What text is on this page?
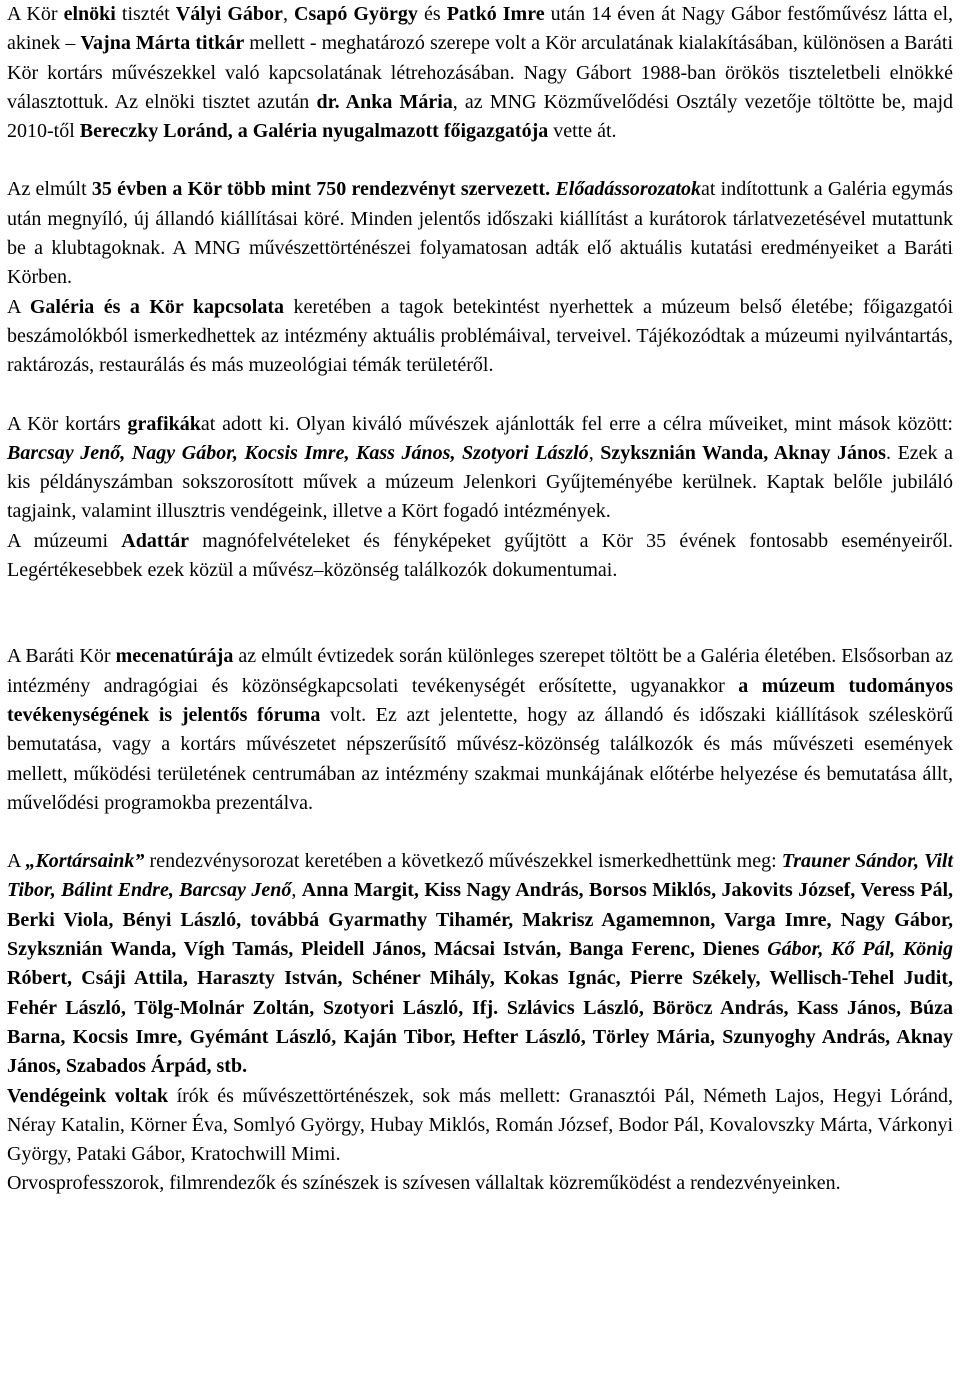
A Kör elnöki tisztét Vályi Gábor, Csapó György és Patkó Imre után 14 éven át Nagy Gábor festőművész látta el, akinek – Vajna Márta titkár mellett - meghatározó szerepe volt a Kör arculatának kialakításában, különösen a Baráti Kör kortárs művészekkel való kapcsolatának létrehozásában. Nagy Gábort 1988-ban örökös tiszteletbeli elnökké választottuk. Az elnöki tisztet azután dr. Anka Mária, az MNG Közművelődési Osztály vezetője töltötte be, majd 2010-től Bereczky Loránd, a Galéria nyugalmazott főigazgatója vette át.

Az elmúlt 35 évben a Kör több mint 750 rendezvényt szervezett. Előadássorozatokat indítottunk a Galéria egymás után megnyíló, új állandó kiállításai köré. Minden jelentős időszaki kiállítást a kurátorok tárlatvezetésével mutattunk be a klubtagoknak. A MNG művészettörténészei folyamatosan adták elő aktuális kutatási eredményeiket a Baráti Körben.

A Galéria és a Kör kapcsolata keretében a tagok betekintést nyerhettek a múzeum belső életébe; főigazgatói beszámolókból ismerkedhettek az intézmény aktuális problémáival, terveivel. Tájékozódtak a múzeumi nyilvántartás, raktározás, restaurálás és más muzeológiai témák területéről.

A Kör kortárs grafikákat adott ki. Olyan kiváló művészek ajánlották fel erre a célra műveiket, mint mások között: Barcsay Jenő, Nagy Gábor, Kocsis Imre, Kass János, Szotyori László, Szyksznián Wanda, Aknay János. Ezek a kis példányszámban sokszorosított művek a múzeum Jelenkori Gyűjteményébe kerülnek. Kaptak belőle jubiláló tagjaink, valamint illusztris vendégeink, illetve a Kört fogadó intézmények.

A múzeumi Adattár magnófelvételeket és fényképeket gyűjtött a Kör 35 évének fontosabb eseményeiről. Legértékesebbek ezek közül a művész–közönség találkozók dokumentumai.

A Baráti Kör mecenatúrája az elmúlt évtizedek során különleges szerepet töltött be a Galéria életében. Elsősorban az intézmény andragógiai és közönségkapcsolati tevékenységét erősítette, ugyanakkor a múzeum tudományos tevékenységének is jelentős fóruma volt. Ez azt jelentette, hogy az állandó és időszaki kiállítások széleskörű bemutatása, vagy a kortárs művészetet népszerűsítő művész-közönség találkozók és más művészeti események mellett, működési területének centrumában az intézmény szakmai munkájának előtérbe helyezése és bemutatása állt, művelődési programokba prezentálva.

A „Kortársaink” rendezvénysorozat keretében a következő művészekkel ismerkedhettünk meg: Trauner Sándor, Vilt Tibor, Bálint Endre, Barcsay Jenő, Anna Margit, Kiss Nagy András, Borsos Miklós, Jakovits József, Veress Pál, Berki Viola, Bényi László, továbbá Gyarmathy Tihamér, Makrisz Agamemnon, Varga Imre, Nagy Gábor, Szyksznián Wanda, Vígh Tamás, Pleidell János, Mácsai István, Banga Ferenc, Dienes Gábor, Kő Pál, König Róbert, Csáji Attila, Haraszty István, Schéner Mihály, Kokas Ignác, Pierre Székely, Wellisch-Tehel Judit, Fehér László, Tölg-Molnár Zoltán, Szotyori László, Ifj. Szlávics László, Böröcz András, Kass János, Búza Barna, Kocsis Imre, Gyémánt László, Kaján Tibor, Hefter László, Törley Mária, Szunyoghy András, Aknay János, Szabados Árpád, stb.

Vendégeink voltak írók és művészettörténészek, sok más mellett: Granasztói Pál, Németh Lajos, Hegyi Lóránd, Néray Katalin, Körner Éva, Somlyó György, Hubay Miklós, Román József, Bodor Pál, Kovalovszky Márta, Várkonyi György, Pataki Gábor, Kratochwill Mimi.

Orvosprofesszorok, filmrendezők és színészek is szívesen vállaltak közreműködést a rendezvényeinken.
